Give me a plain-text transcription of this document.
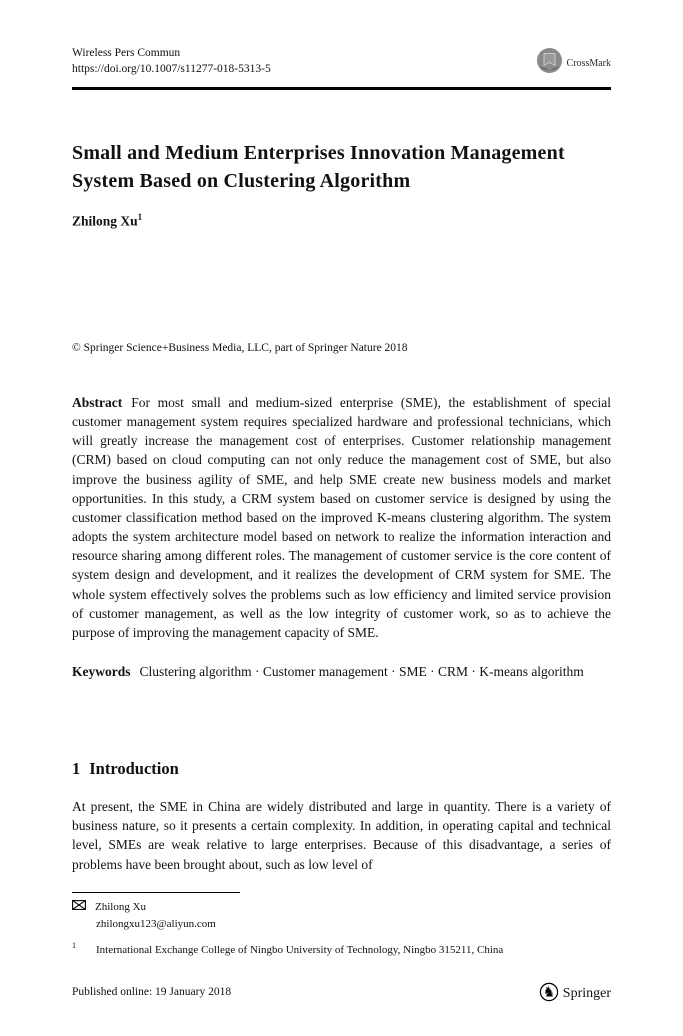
Wireless Pers Commun
https://doi.org/10.1007/s11277-018-5313-5	CrossMark
Small and Medium Enterprises Innovation Management
System Based on Clustering Algorithm
Zhilong Xu$^1$
© Springer Science+Business Media, LLC, part of Springer Nature 2018
Abstract For most small and medium-sized enterprise (SME), the establishment of special customer management system requires specialized hardware and professional technicians, which will greatly increase the management cost of enterprises. Customer relationship management (CRM) based on cloud computing can not only reduce the management cost of SME, but also improve the business agility of SME, and help SME create new business models and market opportunities. In this study, a CRM system based on customer service is designed by using the customer classification method based on the improved K-means clustering algorithm. The system adopts the system architecture model based on network to realize the information interaction and resource sharing among different roles. The management of customer service is the core content of system design and development, and it realizes the development of CRM system for SME. The whole system effectively solves the problems such as low efficiency and limited service provision of customer management, as well as the low integrity of customer work, so as to achieve the purpose of improving the management capacity of SME.
Keywords Clustering algorithm · Customer management · SME · CRM · K-means algorithm
1 Introduction
At present, the SME in China are widely distributed and large in quantity. There is a variety of business nature, so it presents a certain complexity. In addition, in operating capital and technical level, SMEs are weak relative to large enterprises. Because of this disadvantage, a series of problems have been brought about, such as low level of
Zhilong Xu
zhilongxu123@aliyun.com
1	International Exchange College of Ningbo University of Technology, Ningbo 315211, China
Published online: 19 January 2018	♞ Springer
